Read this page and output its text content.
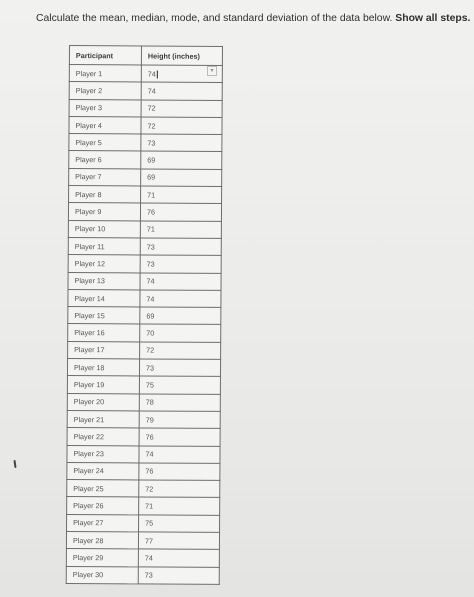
Calculate the mean, median, mode, and standard deviation of the data below. Show all steps.
Participant	Height (inches)
Player 1	74
Player 2	74
Player 3	72
Player 4	72
Player 5	73
Player 6	69
Player 7	69
Player 8	71
Player 9	76
Player 10	71
Player 11	73
Player 12	73
Player 13	74
Player 14	74
Player 15	69
Player 16	70
Player 17	72
Player 18	73
Player 19	75
Player 20	78
Player 21	79
Player 22	76
Player 23	74
Player 24	76
Player 25	72
Player 26	71
Player 27	75
Player 28	77
Player 29	74
Player 30	73
▾
